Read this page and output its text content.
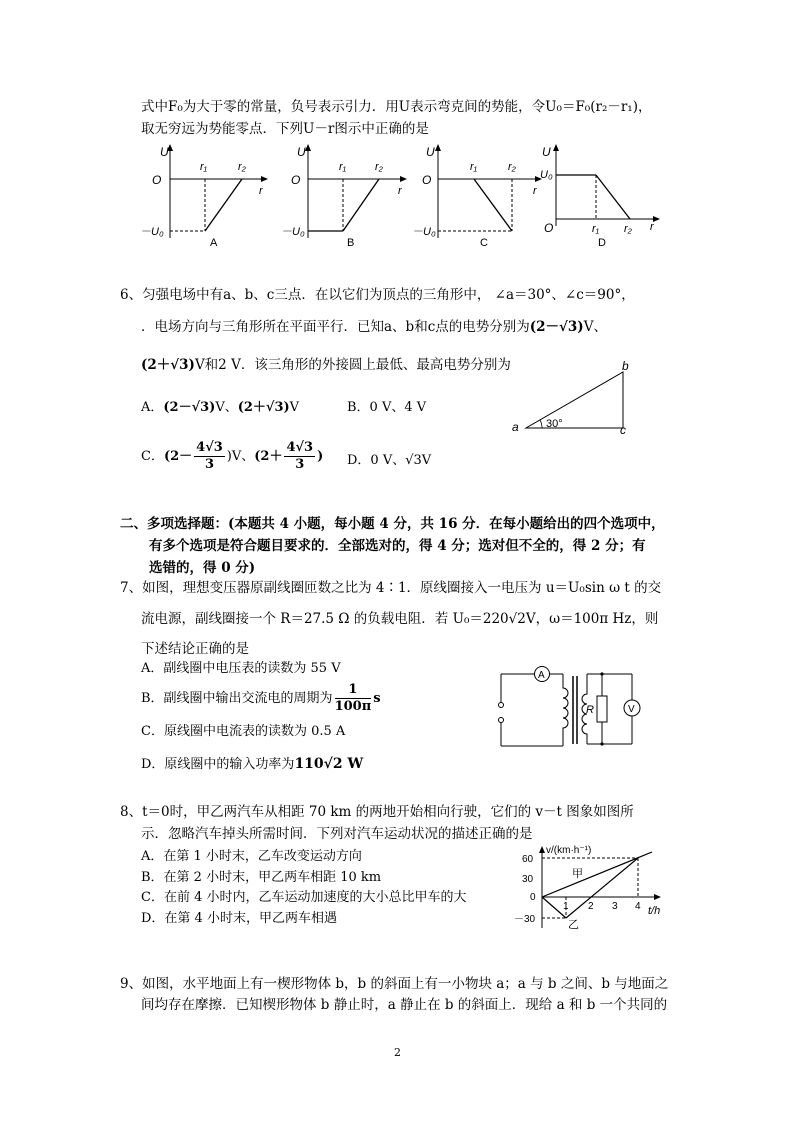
式中F₀为大于零的常量，负号表示引力．用U表示弯克间的势能，令U₀＝F₀(r₂－r₁)，
取无穷远为势能零点．下列U－r图示中正确的是
U
O
r₁	r₂
r
－U₀
A
U
O
r₁	r₂
r
－U₀
B
U
O
r₁	r₂
r
－U₀
C
U
U₀
O	r₁ r₂ r
D
6、匀强电场中有a、b、c三点．在以它们为顶点的三角形中， ∠a＝30°、∠c＝90°，
．电场方向与三角形所在平面平行．已知a、b和c点的电势分别为(2－√3)V、
(2＋√3)V和2 V．该三角形的外接圆上最低、最高电势分别为
A．(2－√3)V、(2＋√3)V	B．0 V、4 V
C．$(2- \frac{4√3}{3} )V$、($2+ \frac{4√3}{3}$ ) D．0 V、√3V
a
b
c
30°
二、多项选择题：(本题共 4 小题，每小题 4 分，共 16 分．在每小题给出的四个选项中，
有多个选项是符合题目要求的．全部选对的，得 4 分；选对但不全的，得 2 分；有
选错的，得 0 分)
7、如图，理想变压器原副线圈匝数之比为 4∶1．原线圈接入一电压为 u＝U₀sin ω t 的交
流电源，副线圈接一个 R＝27.5 Ω 的负载电阻．若 U₀＝220√2V，ω＝100π Hz，则
下述结论正确的是
A．副线圈中电压表的读数为 55 V
B．副线圈中输出交流电的周期为 $\frac{1}{100\pi}$ s
C．原线圈中电流表的读数为 0.5 A
D．原线圈中的输入功率为110√2 W
A
R	V
8、t＝0时，甲乙两汽车从相距 70 km 的两地开始相向行驶，它们的 v－t 图象如图所
示．忽略汽车掉头所需时间．下列对汽车运动状况的描述正确的是
A．在第 1 小时末，乙车改变运动方向
B．在第 2 小时末，甲乙两车相距 10 km
C．在前 4 小时内，乙车运动加速度的大小总比甲车的大
D．在第 4 小时末，甲乙两车相遇
v/(km·h⁻¹)
t/h
60
30
0
－30
甲
乙
1 2 3 4
9、如图，水平地面上有一楔形物体 b，b 的斜面上有一小物块 a；a 与 b 之间、b 与地面之
间均存在摩擦．已知楔形物体 b 静止时，a 静止在 b 的斜面上．现给 a 和 b 一个共同的
2
